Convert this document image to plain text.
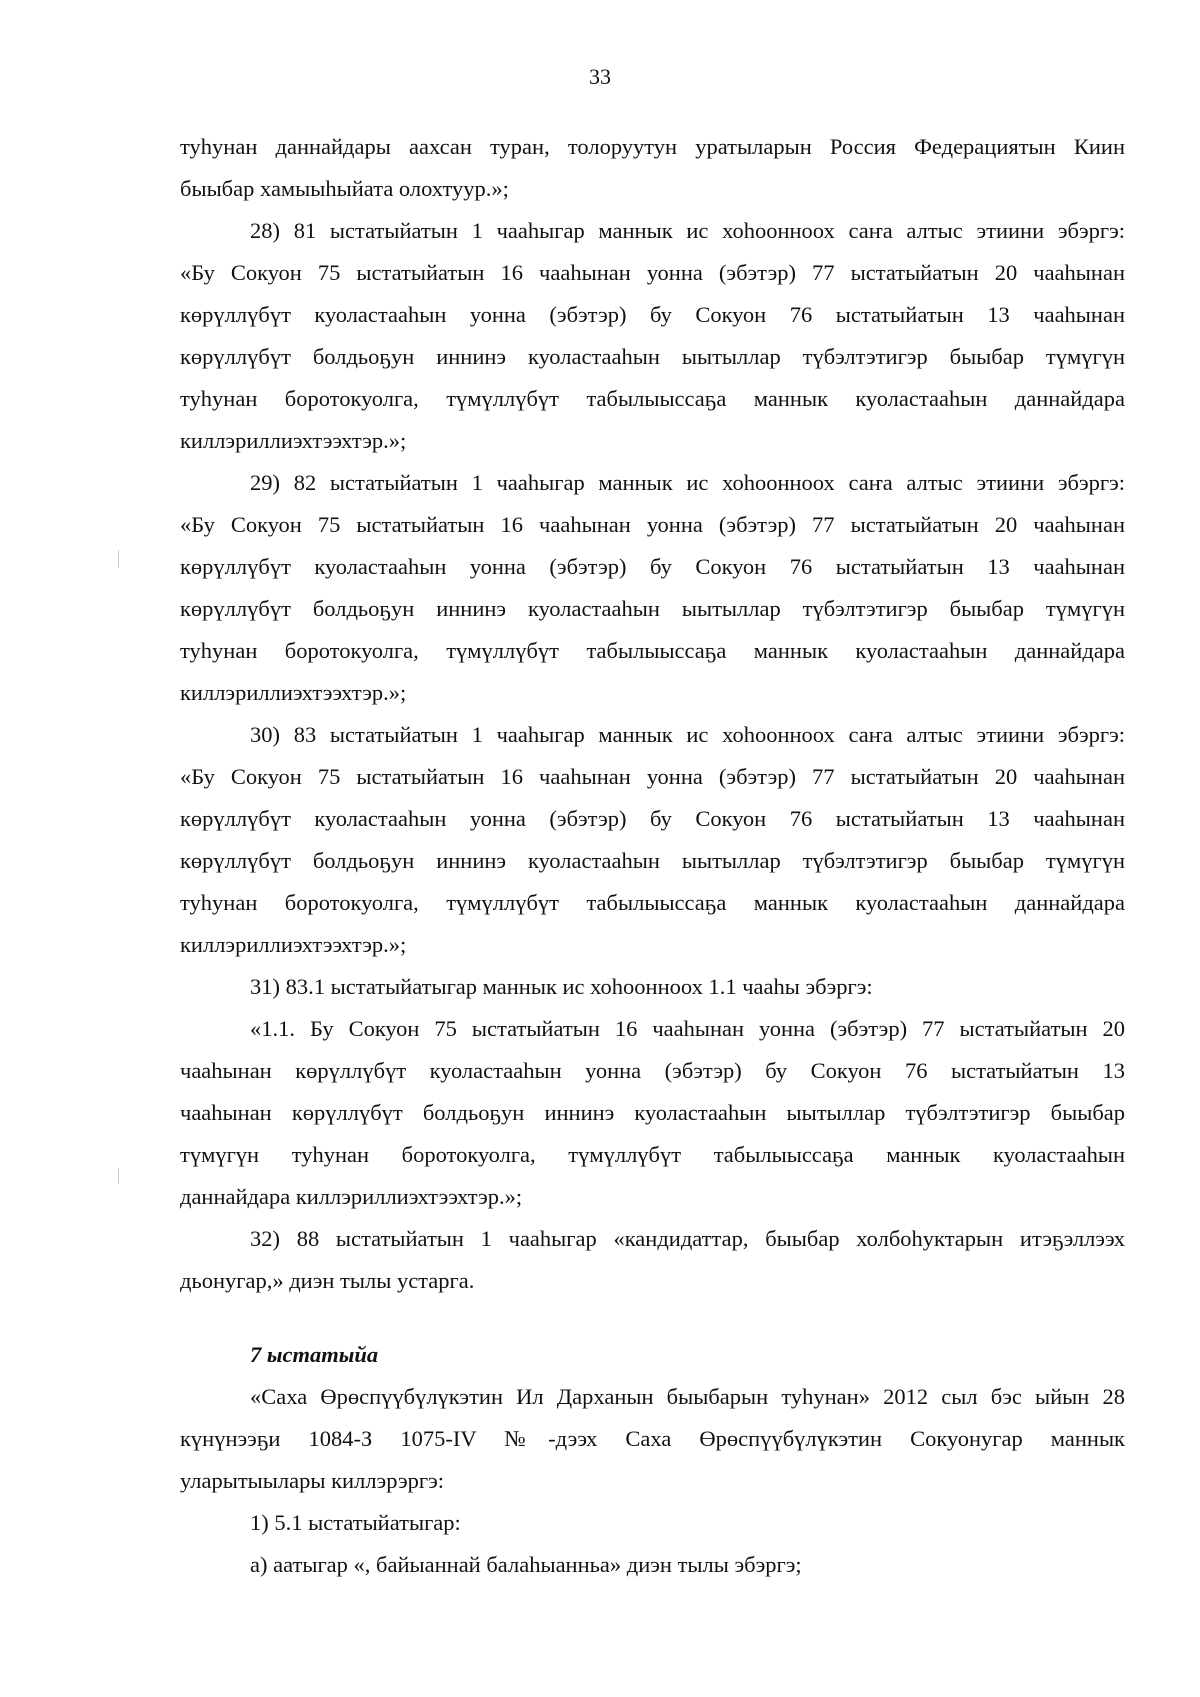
33

туhунан даннайдары аахсан туран, толоруутун уратыларын Россия Федерациятын Киин
быыбар хамыыhыйата олохтуур.»;

28) 81 ыстатыйатын 1 чааhыгар маннык ис хоhоонноох саҥа алтыс этиини эбэргэ:
«Бу Сокуон 75 ыстатыйатын 16 чааhынан уонна (эбэтэр) 77 ыстатыйатын 20 чааhынан
көрүллүбүт куоластааhын уонна (эбэтэр) бу Сокуон 76 ыстатыйатын 13 чааhынан
көрүллүбүт болдьоҕун иннинэ куоластааhын ыытыллар түбэлтэтигэр быыбар түмүгүн
туhунан боротокуолга, түмүллүбүт табылыыссаҕа маннык куоластааhын даннайдара
киллэриллиэхтээхтэр.»;

29) 82 ыстатыйатын 1 чааhыгар маннык ис хоhоонноох саҥа алтыс этиини эбэргэ:
«Бу Сокуон 75 ыстатыйатын 16 чааhынан уонна (эбэтэр) 77 ыстатыйатын 20 чааhынан
көрүллүбүт куоластааhын уонна (эбэтэр) бу Сокуон 76 ыстатыйатын 13 чааhынан
көрүллүбүт болдьоҕун иннинэ куоластааhын ыытыллар түбэлтэтигэр быыбар түмүгүн
туhунан боротокуолга, түмүллүбүт табылыыссаҕа маннык куоластааhын даннайдара
киллэриллиэхтээхтэр.»;

30) 83 ыстатыйатын 1 чааhыгар маннык ис хоhоонноох саҥа алтыс этиини эбэргэ:
«Бу Сокуон 75 ыстатыйатын 16 чааhынан уонна (эбэтэр) 77 ыстатыйатын 20 чааhынан
көрүллүбүт куоластааhын уонна (эбэтэр) бу Сокуон 76 ыстатыйатын 13 чааhынан
көрүллүбүт болдьоҕун иннинэ куоластааhын ыытыллар түбэлтэтигэр быыбар түмүгүн
туhунан боротокуолга, түмүллүбүт табылыыссаҕа маннык куоластааhын даннайдара
киллэриллиэхтээхтэр.»;

31) 83.1 ыстатыйатыгар маннык ис хоhоонноох 1.1 чааhы эбэргэ:

«1.1. Бу Сокуон 75 ыстатыйатын 16 чааhынан уонна (эбэтэр) 77 ыстатыйатын 20
чааhынан көрүллүбүт куоластааhын уонна (эбэтэр) бу Сокуон 76 ыстатыйатын 13
чааhынан көрүллүбүт болдьоҕун иннинэ куоластааhын ыытыллар түбэлтэтигэр быыбар
түмүгүн туhунан боротокуолга, түмүллүбүт табылыыссаҕа маннык куоластааhын
даннайдара киллэриллиэхтээхтэр.»;

32) 88 ыстатыйатын 1 чааhыгар «кандидаттар, быыбар холбоhуктарын итэҕэллээх
дьонугар,» диэн тылы устарга.

7 ыстатыйа

«Саха Өрөспүүбүлүкэтин Ил Дарханын быыбарын туhунан» 2012 сыл бэс ыйын 28
күнүнээҕи 1084-З 1075-IV №-дээх Саха Өрөспүүбүлүкэтин Сокуонугар маннык
уларытыылары киллэрэргэ:

1) 5.1 ыстатыйатыгар:

а) аатыгар «, байыаннай балаhыанньа» диэн тылы эбэргэ;
